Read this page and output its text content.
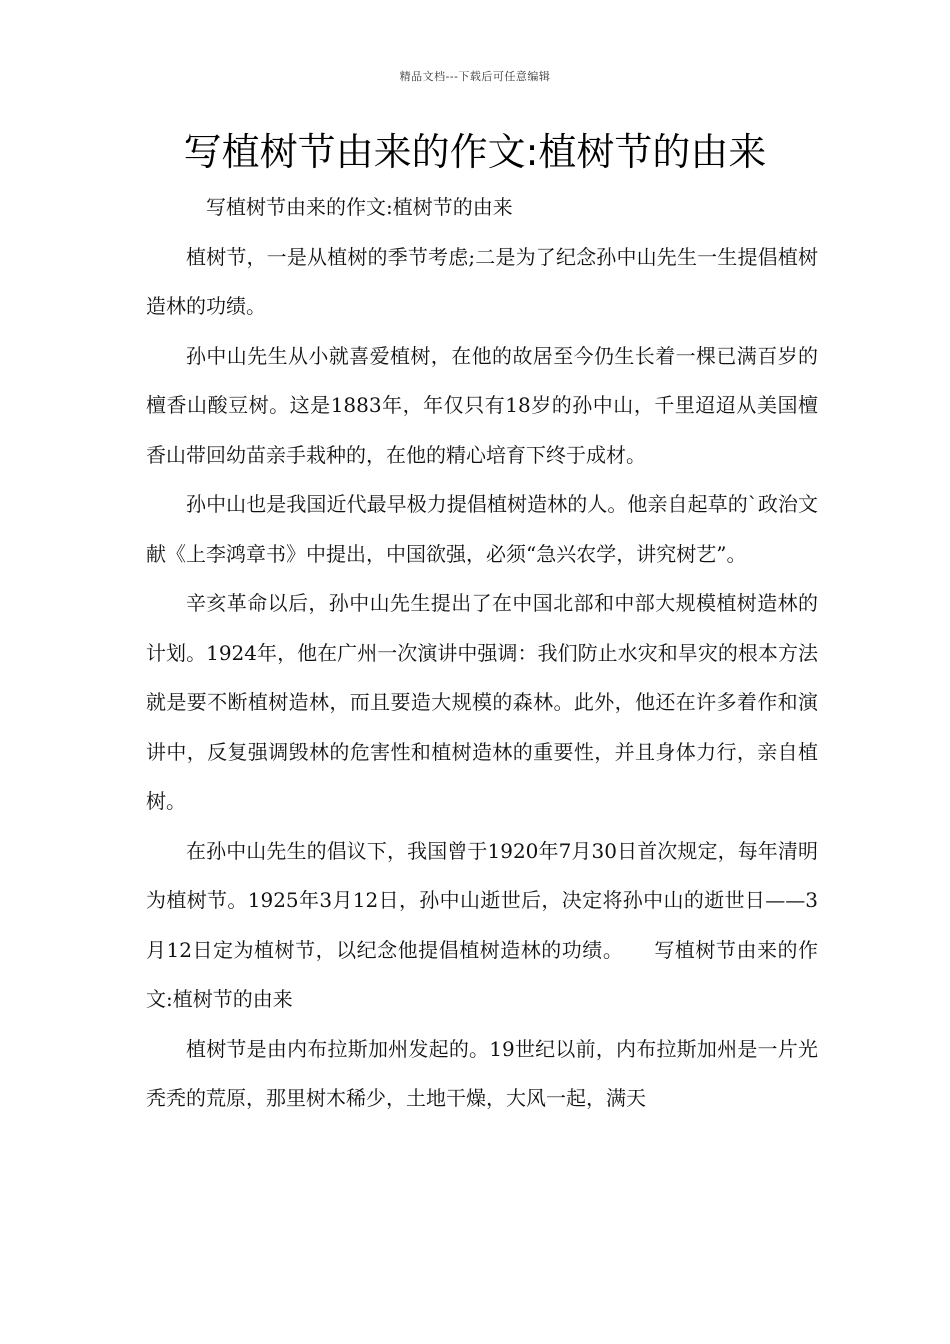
精品文档---下载后可任意编辑
写植树节由来的作文:植树节的由来

写植树节由来的作文:植树节的由来

植树节，一是从植树的季节考虑;二是为了纪念孙中山先生一生提倡植树造林的功绩。

孙中山先生从小就喜爱植树，在他的故居至今仍生长着一棵已满百岁的檀香山酸豆树。这是1883年，年仅只有18岁的孙中山，千里迢迢从美国檀香山带回幼苗亲手栽种的，在他的精心培育下终于成材。

孙中山也是我国近代最早极力提倡植树造林的人。他亲自起草的`政治文献《上李鸿章书》中提出，中国欲强，必须“急兴农学，讲究树艺”。

辛亥革命以后，孙中山先生提出了在中国北部和中部大规模植树造林的计划。1924年，他在广州一次演讲中强调：我们防止水灾和旱灾的根本方法就是要不断植树造林，而且要造大规模的森林。此外，他还在许多着作和演讲中，反复强调毁林的危害性和植树造林的重要性，并且身体力行，亲自植树。

在孙中山先生的倡议下，我国曾于1920年7月30日首次规定，每年清明为植树节。1925年3月12日，孙中山逝世后，决定将孙中山的逝世日——3月12日定为植树节，以纪念他提倡植树造林的功绩。　　写植树节由来的作文:植树节的由来

植树节是由内布拉斯加州发起的。19世纪以前，内布拉斯加州是一片光秃秃的荒原，那里树木稀少，土地干燥，大风一起，满天
